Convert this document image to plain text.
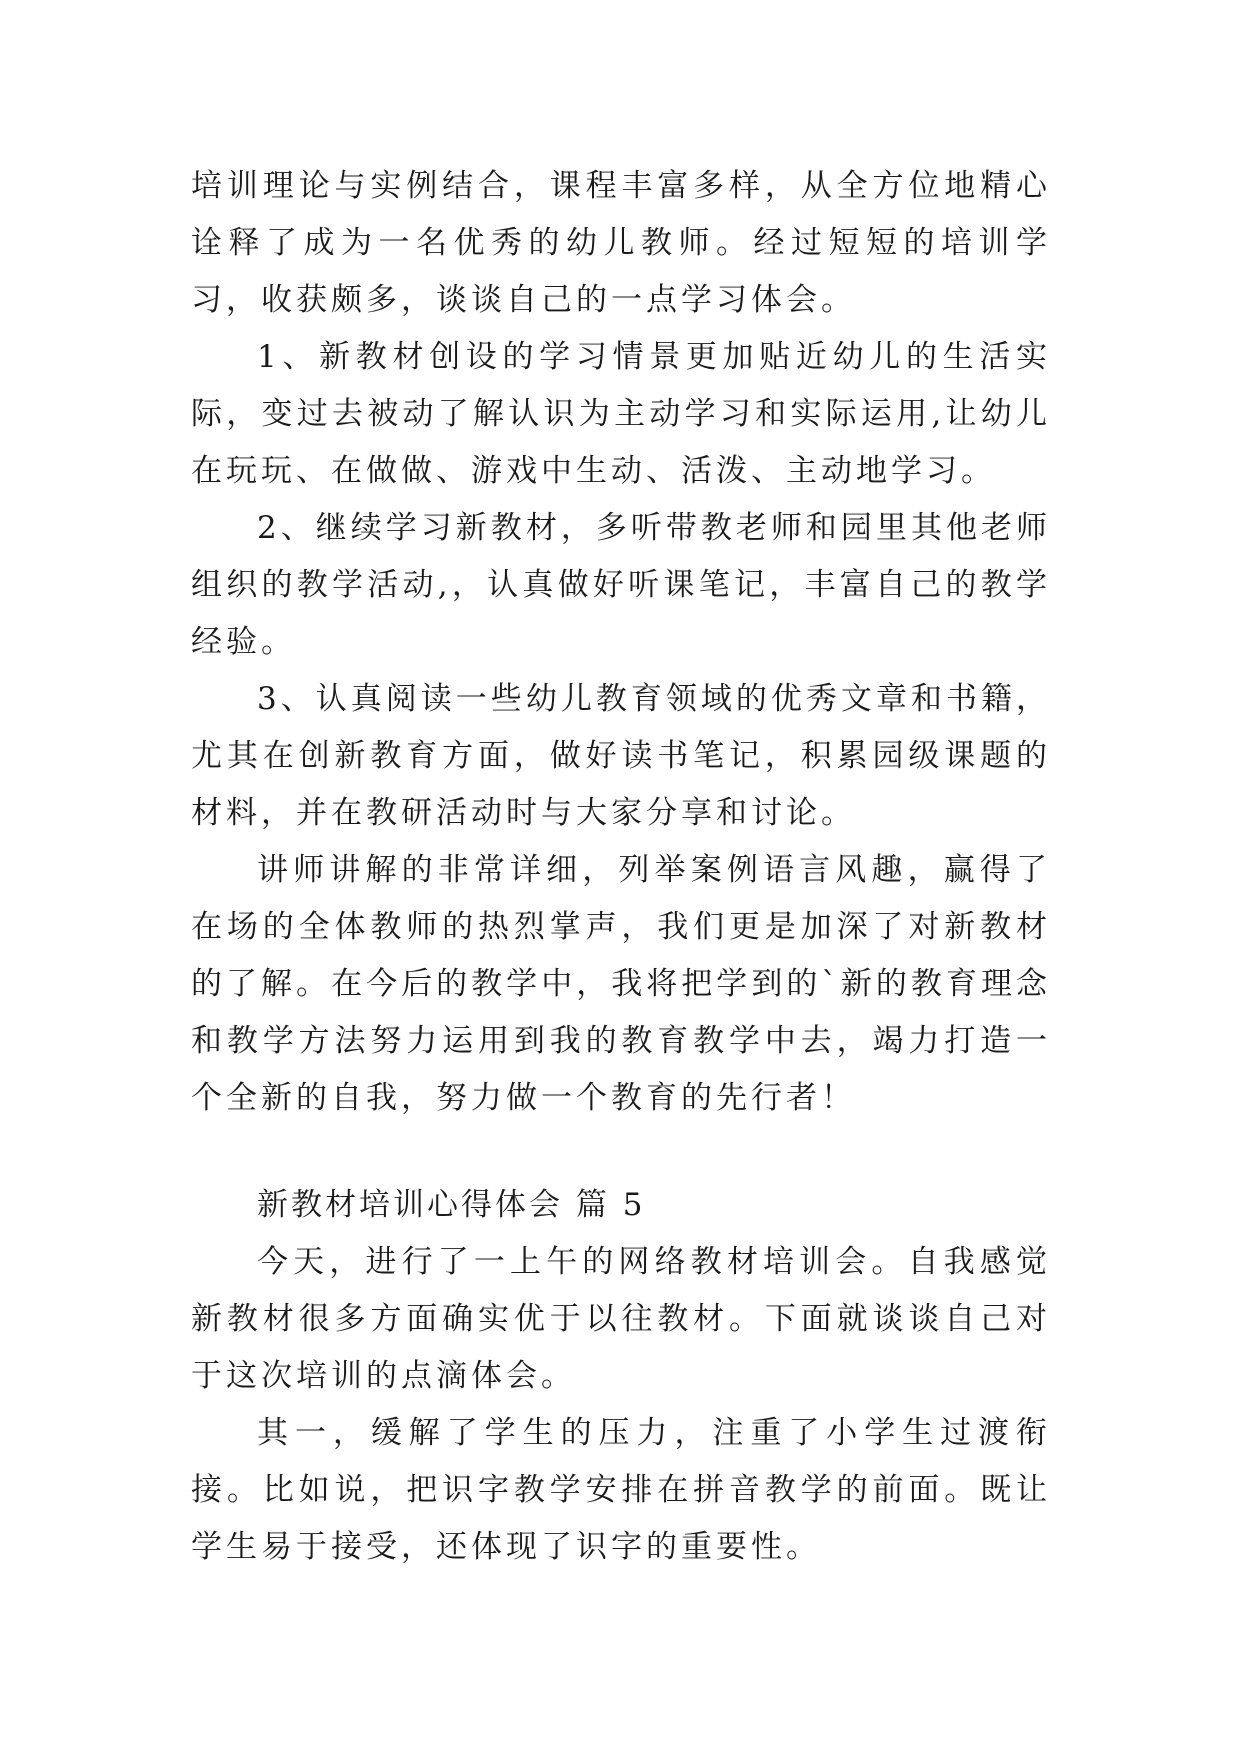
培训理论与实例结合，课程丰富多样，从全方位地精心诠释了成为一名优秀的幼儿教师。经过短短的培训学习，收获颇多，谈谈自己的一点学习体会。

1、新教材创设的学习情景更加贴近幼儿的生活实际，变过去被动了解认识为主动学习和实际运用,让幼儿在玩玩、在做做、游戏中生动、活泼、主动地学习。

2、继续学习新教材，多听带教老师和园里其他老师组织的教学活动,，认真做好听课笔记，丰富自己的教学经验。

3、认真阅读一些幼儿教育领域的优秀文章和书籍，尤其在创新教育方面，做好读书笔记，积累园级课题的材料，并在教研活动时与大家分享和讨论。

讲师讲解的非常详细，列举案例语言风趣，赢得了在场的全体教师的热烈掌声，我们更是加深了对新教材的了解。在今后的教学中，我将把学到的`新的教育理念和教学方法努力运用到我的教育教学中去，竭力打造一个全新的自我，努力做一个教育的先行者！

新教材培训心得体会 篇 5

今天，进行了一上午的网络教材培训会。自我感觉新教材很多方面确实优于以往教材。下面就谈谈自己对于这次培训的点滴体会。

其一，缓解了学生的压力，注重了小学生过渡衔接。比如说，把识字教学安排在拼音教学的前面。既让学生易于接受，还体现了识字的重要性。
